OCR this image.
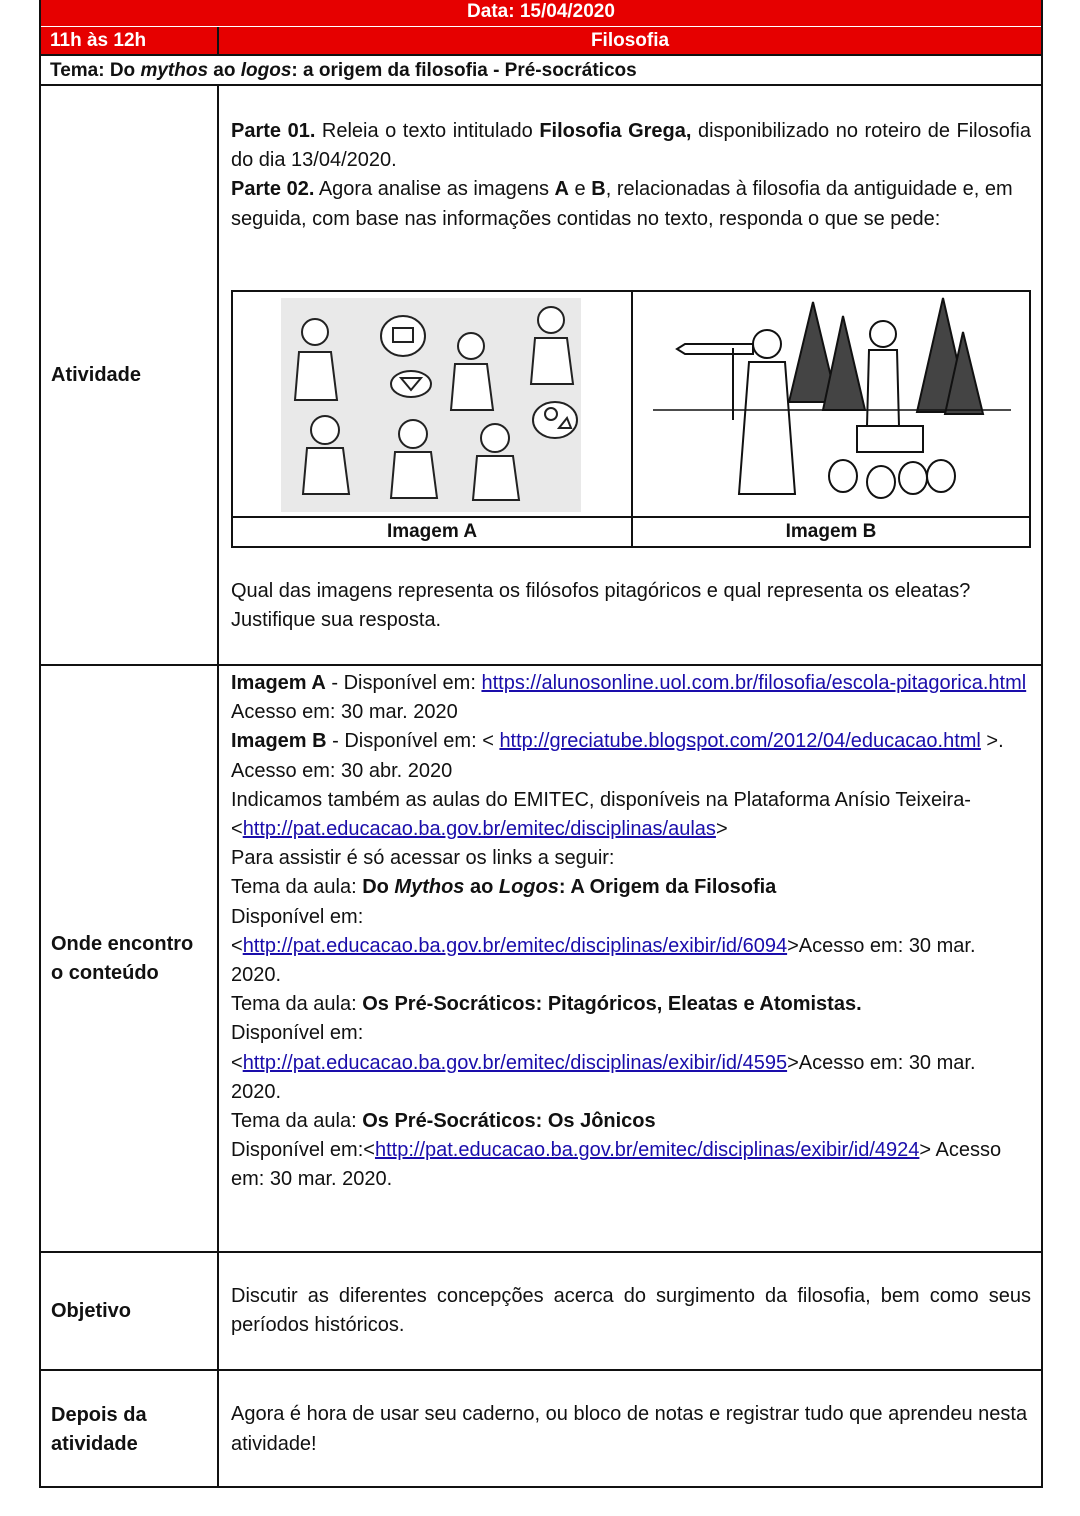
Data: 15/04/2020
11h às 12h	Filosofia
Tema: Do mythos ao logos: a origem da filosofia - Pré-socráticos
Atividade

Parte 01. Releia o texto intitulado Filosofia Grega, disponibilizado no roteiro de Filosofia do dia 13/04/2020.

Parte 02. Agora analise as imagens A e B, relacionadas à filosofia da antiguidade e, em seguida, com base nas informações contidas no texto, responda o que se pede:

Imagem A	Imagem B

Qual das imagens representa os filósofos pitagóricos e qual representa os eleatas? Justifique sua resposta.

Onde encontro
o conteúdo

Imagem A - Disponível em: https://alunosonline.uol.com.br/filosofia/escola-pitagorica.html Acesso em: 30 mar. 2020

Imagem B - Disponível em: < http://greciatube.blogspot.com/2012/04/educacao.html >. Acesso em: 30 abr. 2020

Indicamos também as aulas do EMITEC, disponíveis na Plataforma Anísio Teixeira- <http://pat.educacao.ba.gov.br/emitec/disciplinas/aulas>

Para assistir é só acessar os links a seguir:

Tema da aula: Do Mythos ao Logos: A Origem da Filosofia

Disponível em:

<http://pat.educacao.ba.gov.br/emitec/disciplinas/exibir/id/6094>Acesso em: 30 mar. 2020.

Tema da aula: Os Pré-Socráticos: Pitagóricos, Eleatas e Atomistas.

Disponível em:<http://pat.educacao.ba.gov.br/emitec/disciplinas/exibir/id/4595>Acesso em: 30 mar. 2020.

Tema da aula: Os Pré-Socráticos: Os Jônicos

Disponível em:<http://pat.educacao.ba.gov.br/emitec/disciplinas/exibir/id/4924> Acesso em: 30 mar. 2020.

Objetivo

Discutir as diferentes concepções acerca do surgimento da filosofia, bem como seus períodos históricos.

Depois da
atividade

Agora é hora de usar seu caderno, ou bloco de notas e registrar tudo que aprendeu nesta atividade!
